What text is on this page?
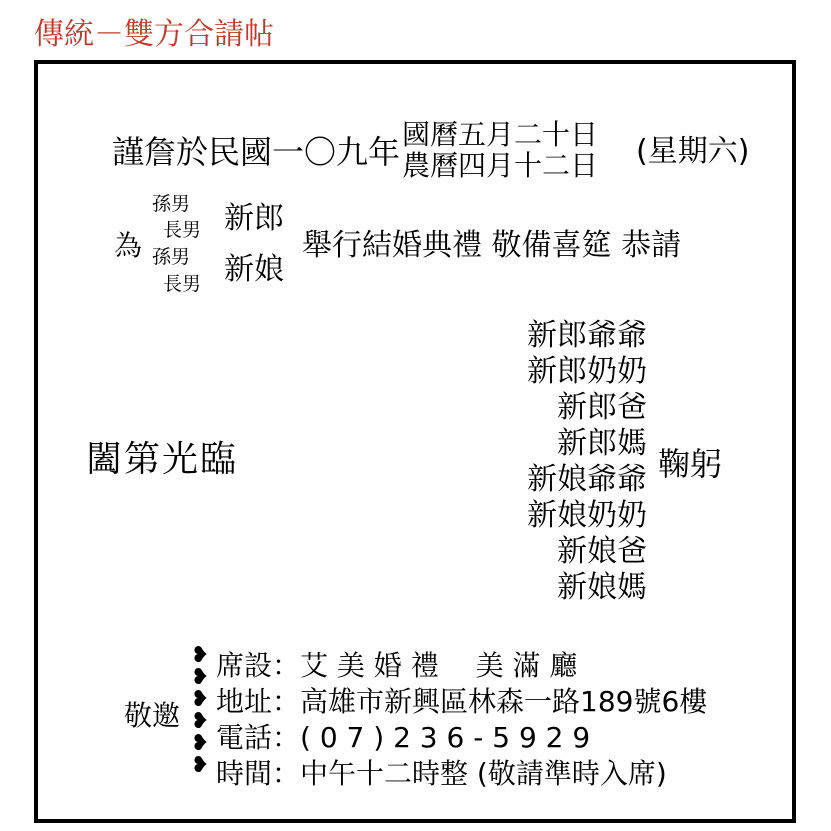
傳統－雙方合請帖
謹詹於民國一〇九年 國曆五月二十日
農曆四月十二日 (星期六)
為
孫男
長男
孫男
長男
新郎
新娘
舉行結婚典禮 敬備喜筵 恭請
闔第光臨
新郎爺爺
新郎奶奶
新郎爸
新郎媽
新娘爺爺
新娘奶奶
新娘爸
新娘媽
鞠躬
敬邀
❥
❥
❥
❥
❥
❥
席設：艾 美 婚 禮　 美 滿 廳
地址：高雄市新興區林森一路189號6樓
電話：( 0 7 ) 2 3 6 - 5 9 2 9
時間：中午十二時整 (敬請準時入席)
